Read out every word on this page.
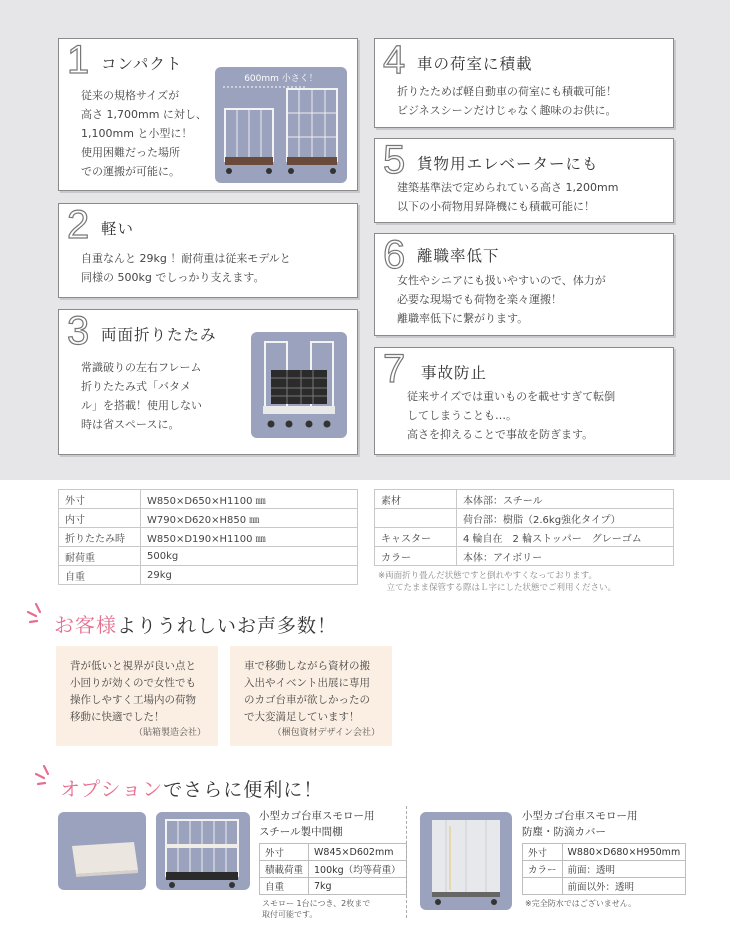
1 コンパクト
従来の規格サイズが
高さ 1,700mm に対し、
1,100mm と小型に！
使用困難だった場所
での運搬が可能に。
600mm 小さく！
2 軽い
自重なんと 29kg ！耐荷重は従来モデルと
同様の 500kg でしっかり支えます。
3 両面折りたたみ
常識破りの左右フレーム
折りたたみ式「バタメ
ル」を搭載！使用しない
時は省スペースに。
4 車の荷室に積載
折りたためば軽自動車の荷室にも積載可能！
ビジネスシーンだけじゃなく趣味のお供に。
5 貨物用エレベーターにも
建築基準法で定められている高さ 1,200mm
以下の小荷物用昇降機にも積載可能に！
6 離職率低下
女性やシニアにも扱いやすいので、体力が
必要な現場でも荷物を楽々運搬！
離職率低下に繋がります。
7 事故防止
従来サイズでは重いものを載せすぎて転倒
してしまうことも…。
高さを抑えることで事故を防ぎます。
外寸	W850×D650×H1100 ㎜
内寸	W790×D620×H850 ㎜
折りたたみ時	W850×D190×H1100 ㎜
耐荷重	500kg
自重	29kg
素材	本体部：スチール
	荷台部：樹脂（2.6kg強化タイプ）
キャスター	4 輪自在　2 輪ストッパー　グレーゴム
カラー	本体：アイボリー
※両面折り畳んだ状態ですと倒れやすくなっております。
　立てたまま保管する際はＬ字にした状態でご利用ください。
お客様よりうれしいお声多数！
背が低いと視界が良い点と
小回りが効くので女性でも
操作しやすく工場内の荷物
移動に快適でした！
（貼箱製造会社）
車で移動しながら資材の搬
入出やイベント出展に専用
のカゴ台車が欲しかったの
で大変満足しています！
（梱包資材デザイン会社）
オプションでさらに便利に！
小型カゴ台車スモロー用
スチール製中間棚
外寸	W845×D602mm
積載荷重	100kg（均等荷重）
自重	7kg
スモロー 1台につき、2枚まで
取付可能です。
小型カゴ台車スモロー用
防塵・防滴カバー
外寸	W880×D680×H950mm
カラー	前面：透明
	前面以外：透明
※完全防水ではございません。
